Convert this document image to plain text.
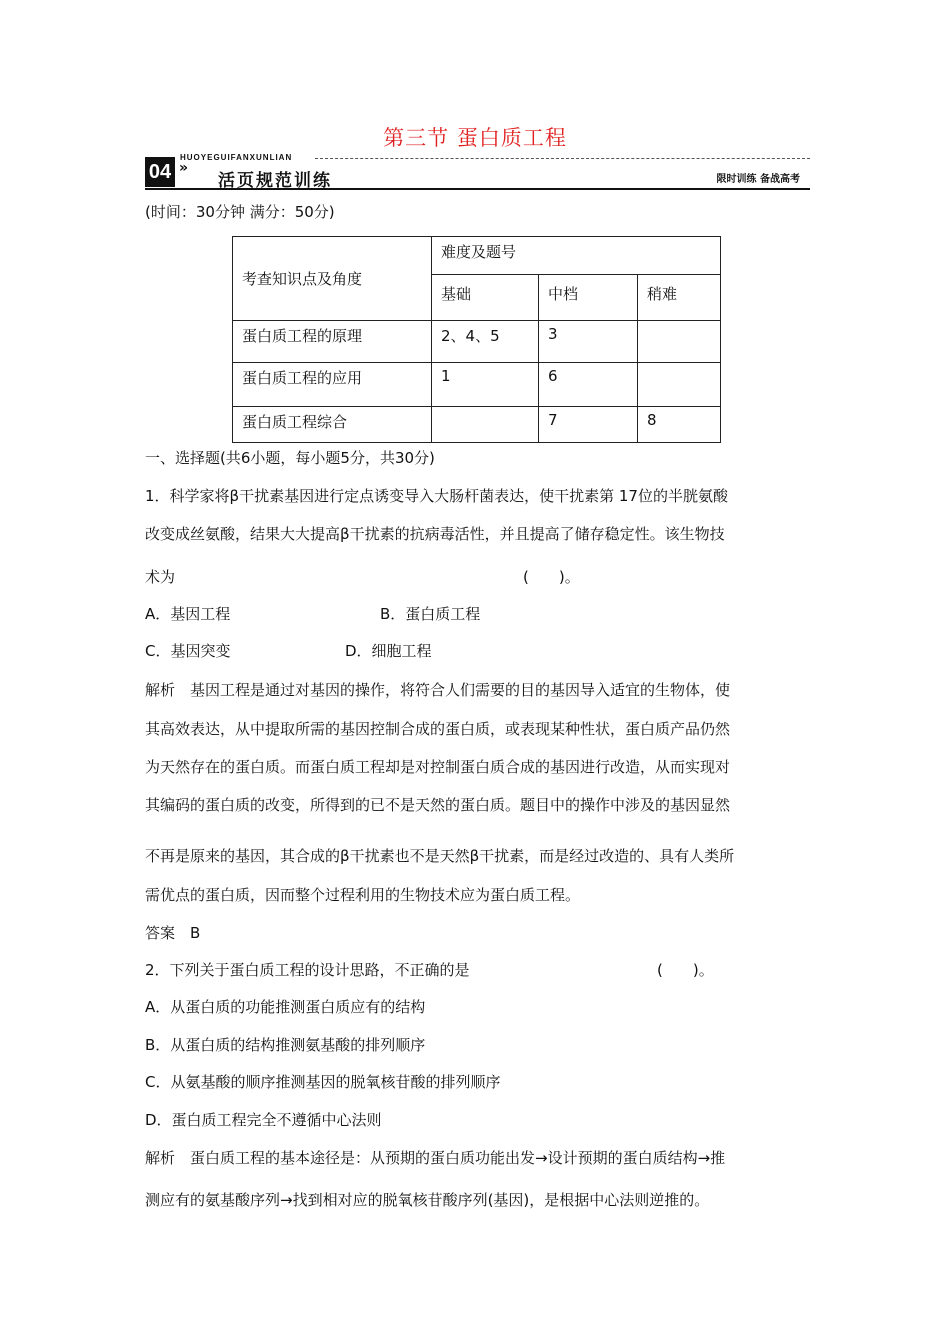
第三节 蛋白质工程
04
HUOYEGUIFANXUNLIAN
»
活页规范训练	限时训练 备战高考
(时间：30分钟 满分：50分)
考查知识点及角度	难度及题号		
	基础	中档	稍难
蛋白质工程的原理	2、4、5	3	
蛋白质工程的应用	1	6	
蛋白质工程综合		7	8
一、选择题(共6小题，每小题5分，共30分)
1．科学家将β干扰素基因进行定点诱变导入大肠杆菌表达，使干扰素第 17位的半胱氨酸
改变成丝氨酸，结果大大提高β干扰素的抗病毒活性，并且提高了储存稳定性。该生物技
术为	(　　)。
A．基因工程	B．蛋白质工程
C．基因突变	D．细胞工程
解析　基因工程是通过对基因的操作，将符合人们需要的目的基因导入适宜的生物体，使
其高效表达，从中提取所需的基因控制合成的蛋白质，或表现某种性状，蛋白质产品仍然
为天然存在的蛋白质。而蛋白质工程却是对控制蛋白质合成的基因进行改造，从而实现对
其编码的蛋白质的改变，所得到的已不是天然的蛋白质。题目中的操作中涉及的基因显然
不再是原来的基因，其合成的β干扰素也不是天然β干扰素，而是经过改造的、具有人类所
需优点的蛋白质，因而整个过程利用的生物技术应为蛋白质工程。
答案　B
2．下列关于蛋白质工程的设计思路，不正确的是	(　　)。
A．从蛋白质的功能推测蛋白质应有的结构
B．从蛋白质的结构推测氨基酸的排列顺序
C．从氨基酸的顺序推测基因的脱氧核苷酸的排列顺序
D．蛋白质工程完全不遵循中心法则
解析　蛋白质工程的基本途径是：从预期的蛋白质功能出发→设计预期的蛋白质结构→推
测应有的氨基酸序列→找到相对应的脱氧核苷酸序列(基因)，是根据中心法则逆推的。
